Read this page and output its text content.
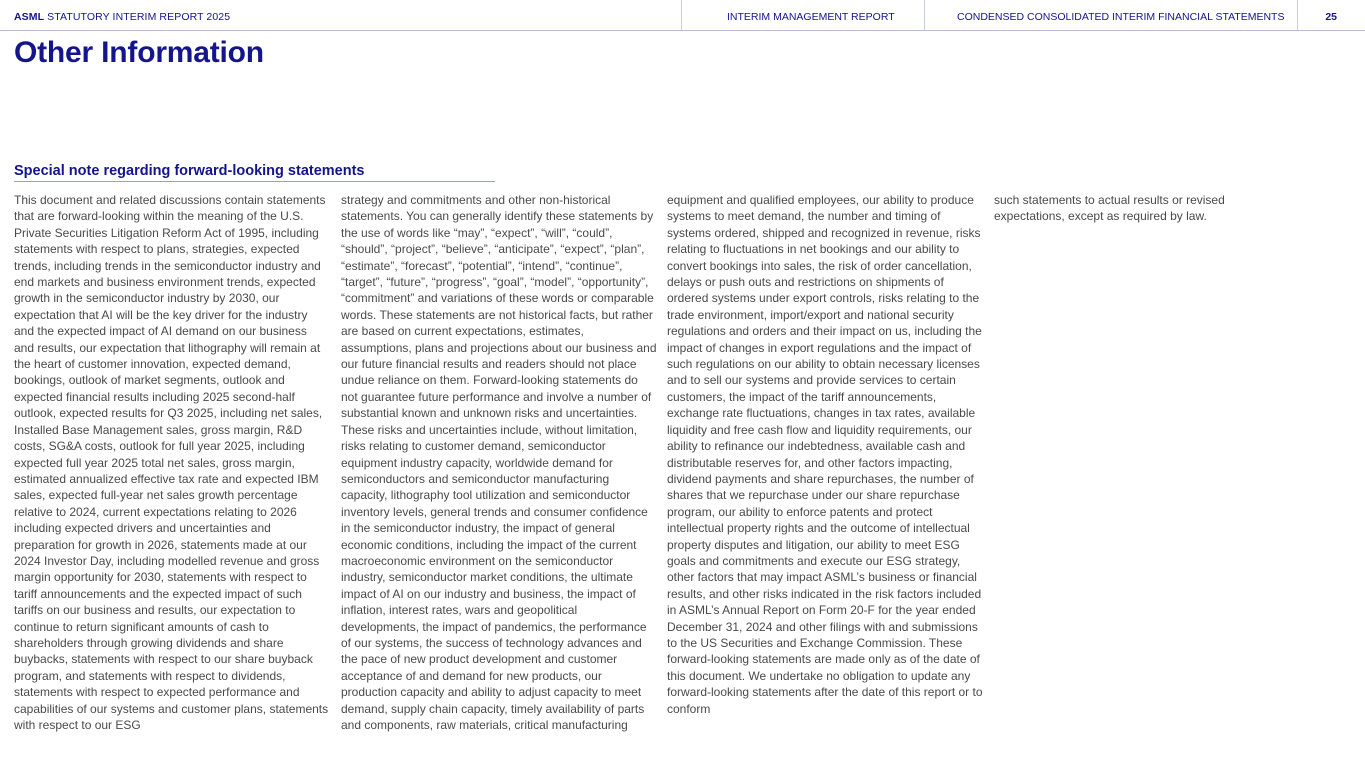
ASML STATUTORY INTERIM REPORT 2025	INTERIM MANAGEMENT REPORT	CONDENSED CONSOLIDATED INTERIM FINANCIAL STATEMENTS	25
Other Information
Special note regarding forward-looking statements

This document and related discussions contain statements that are forward-looking within the meaning of the U.S. Private Securities Litigation Reform Act of 1995, including statements with respect to plans, strategies, expected trends, including trends in the semiconductor industry and end markets and business environment trends, expected growth in the semiconductor industry by 2030, our expectation that AI will be the key driver for the industry and the expected impact of AI demand on our business and results, our expectation that lithography will remain at the heart of customer innovation, expected demand, bookings, outlook of market segments, outlook and expected financial results including 2025 second-half outlook, expected results for Q3 2025, including net sales, Installed Base Management sales, gross margin, R&D costs, SG&A costs, outlook for full year 2025, including expected full year 2025 total net sales, gross margin, estimated annualized effective tax rate and expected IBM sales, expected full-year net sales growth percentage relative to 2024, current expectations relating to 2026 including expected drivers and uncertainties and preparation for growth in 2026, statements made at our 2024 Investor Day, including modelled revenue and gross margin opportunity for 2030, statements with respect to tariff announcements and the expected impact of such tariffs on our business and results, our expectation to continue to return significant amounts of cash to shareholders through growing dividends and share buybacks, statements with respect to our share buyback program, and statements with respect to dividends, statements with respect to expected performance and capabilities of our systems and customer plans, statements with respect to our ESG

strategy and commitments and other non-historical statements. You can generally identify these statements by the use of words like “may”, “expect”, “will”, “could”, “should”, “project”, “believe”, “anticipate”, “expect”, “plan”, “estimate”, “forecast”, “potential”, “intend”, “continue”, “target”, “future”, “progress”, “goal”, “model”, “opportunity”, “commitment” and variations of these words or comparable words. These statements are not historical facts, but rather are based on current expectations, estimates, assumptions, plans and projections about our business and our future financial results and readers should not place undue reliance on them. Forward-looking statements do not guarantee future performance and involve a number of substantial known and unknown risks and uncertainties. These risks and uncertainties include, without limitation, risks relating to customer demand, semiconductor equipment industry capacity, worldwide demand for semiconductors and semiconductor manufacturing capacity, lithography tool utilization and semiconductor inventory levels, general trends and consumer confidence in the semiconductor industry, the impact of general economic conditions, including the impact of the current macroeconomic environment on the semiconductor industry, semiconductor market conditions, the ultimate impact of AI on our industry and business, the impact of inflation, interest rates, wars and geopolitical developments, the impact of pandemics, the performance of our systems, the success of technology advances and the pace of new product development and customer acceptance of and demand for new products, our production capacity and ability to adjust capacity to meet demand, supply chain capacity, timely availability of parts and components, raw materials, critical manufacturing

equipment and qualified employees, our ability to produce systems to meet demand, the number and timing of systems ordered, shipped and recognized in revenue, risks relating to fluctuations in net bookings and our ability to convert bookings into sales, the risk of order cancellation, delays or push outs and restrictions on shipments of ordered systems under export controls, risks relating to the trade environment, import/export and national security regulations and orders and their impact on us, including the impact of changes in export regulations and the impact of such regulations on our ability to obtain necessary licenses and to sell our systems and provide services to certain customers, the impact of the tariff announcements, exchange rate fluctuations, changes in tax rates, available liquidity and free cash flow and liquidity requirements, our ability to refinance our indebtedness, available cash and distributable reserves for, and other factors impacting, dividend payments and share repurchases, the number of shares that we repurchase under our share repurchase program, our ability to enforce patents and protect intellectual property rights and the outcome of intellectual property disputes and litigation, our ability to meet ESG goals and commitments and execute our ESG strategy, other factors that may impact ASML’s business or financial results, and other risks indicated in the risk factors included in ASML’s Annual Report on Form 20-F for the year ended December 31, 2024 and other filings with and submissions to the US Securities and Exchange Commission. These forward-looking statements are made only as of the date of this document. We undertake no obligation to update any forward-looking statements after the date of this report or to conform

such statements to actual results or revised expectations, except as required by law.
